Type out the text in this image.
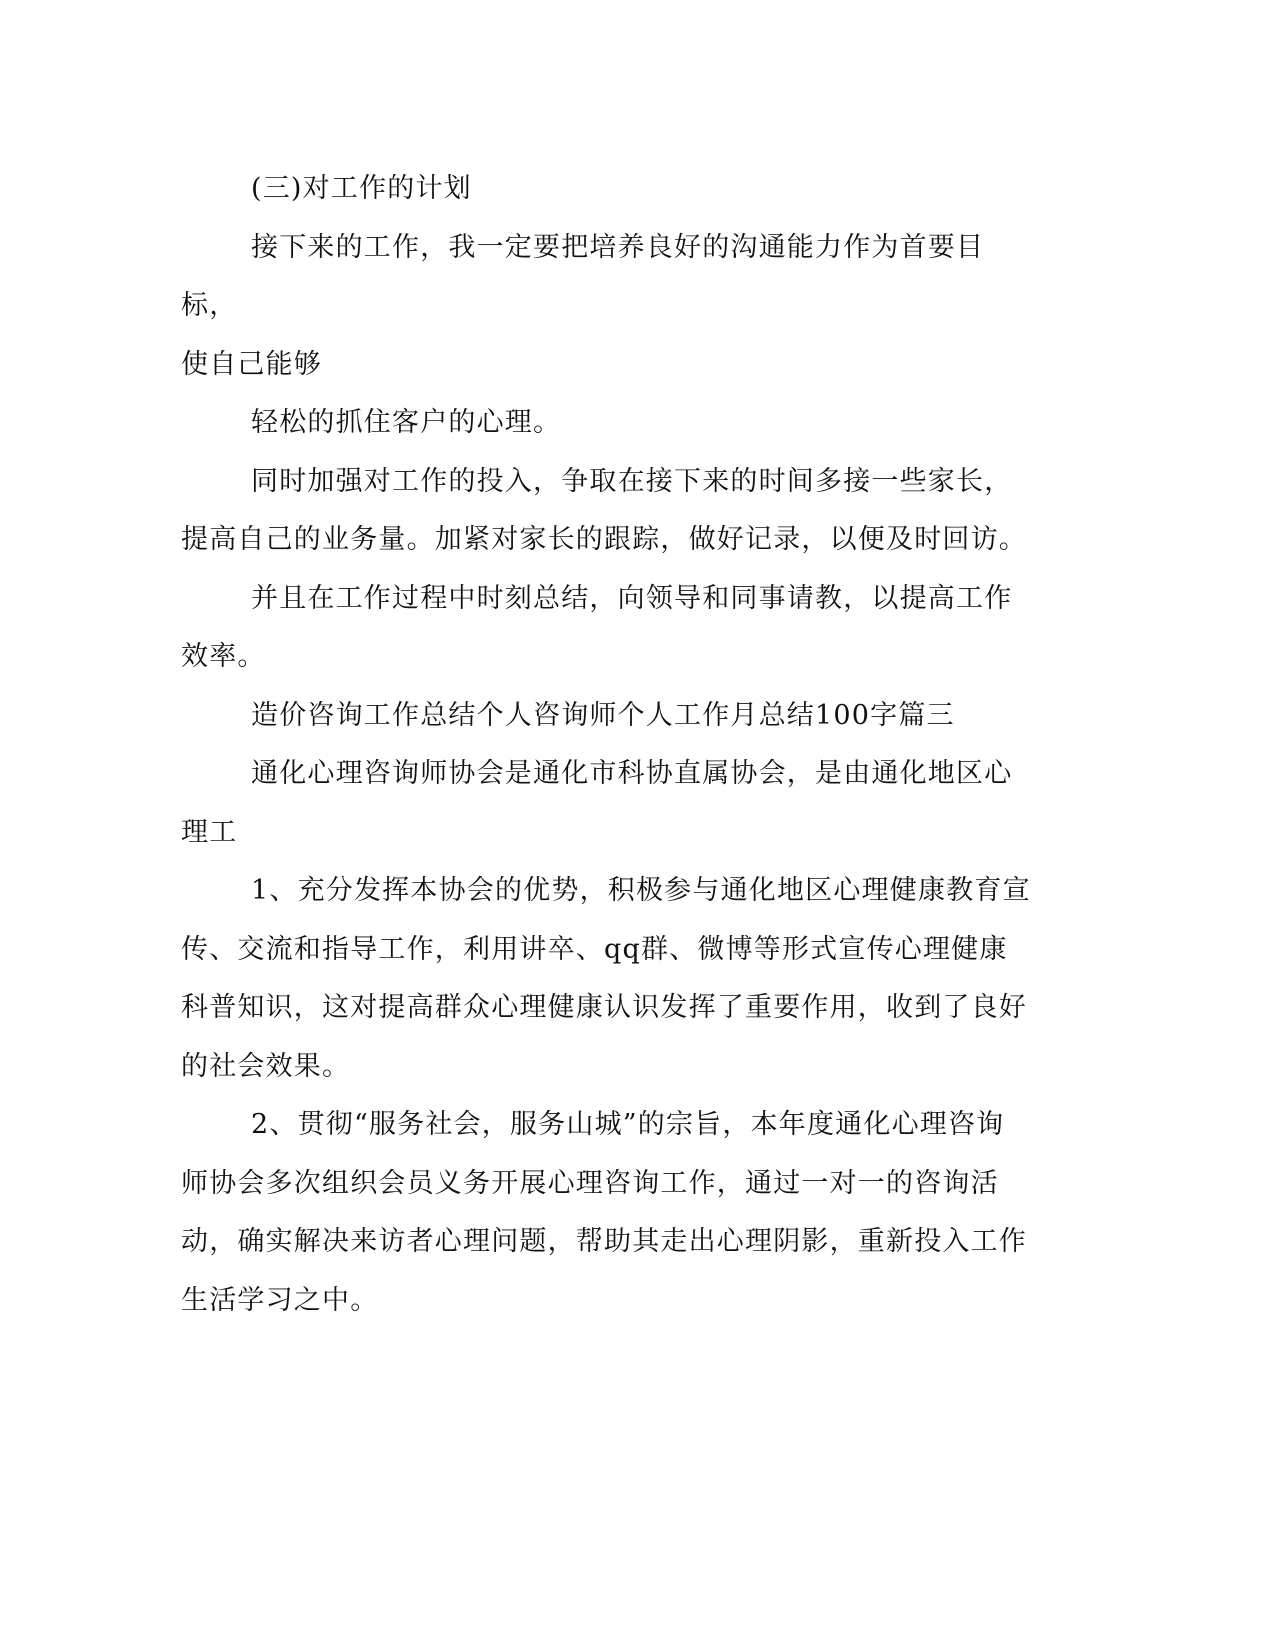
(三)对工作的计划

接下来的工作，我一定要把培养良好的沟通能力作为首要目标，

使自己能够

轻松的抓住客户的心理。

同时加强对工作的投入，争取在接下来的时间多接一些家长，提高自己的业务量。加紧对家长的跟踪，做好记录，以便及时回访。

并且在工作过程中时刻总结，向领导和同事请教，以提高工作效率。

造价咨询工作总结个人咨询师个人工作月总结100字篇三

通化心理咨询师协会是通化市科协直属协会，是由通化地区心理工

1、充分发挥本协会的优势，积极参与通化地区心理健康教育宣传、交流和指导工作，利用讲卒、qq群、微博等形式宣传心理健康科普知识，这对提高群众心理健康认识发挥了重要作用，收到了良好的社会效果。

2、贯彻“服务社会，服务山城”的宗旨，本年度通化心理咨询师协会多次组织会员义务开展心理咨询工作，通过一对一的咨询活动，确实解决来访者心理问题，帮助其走出心理阴影，重新投入工作生活学习之中。
